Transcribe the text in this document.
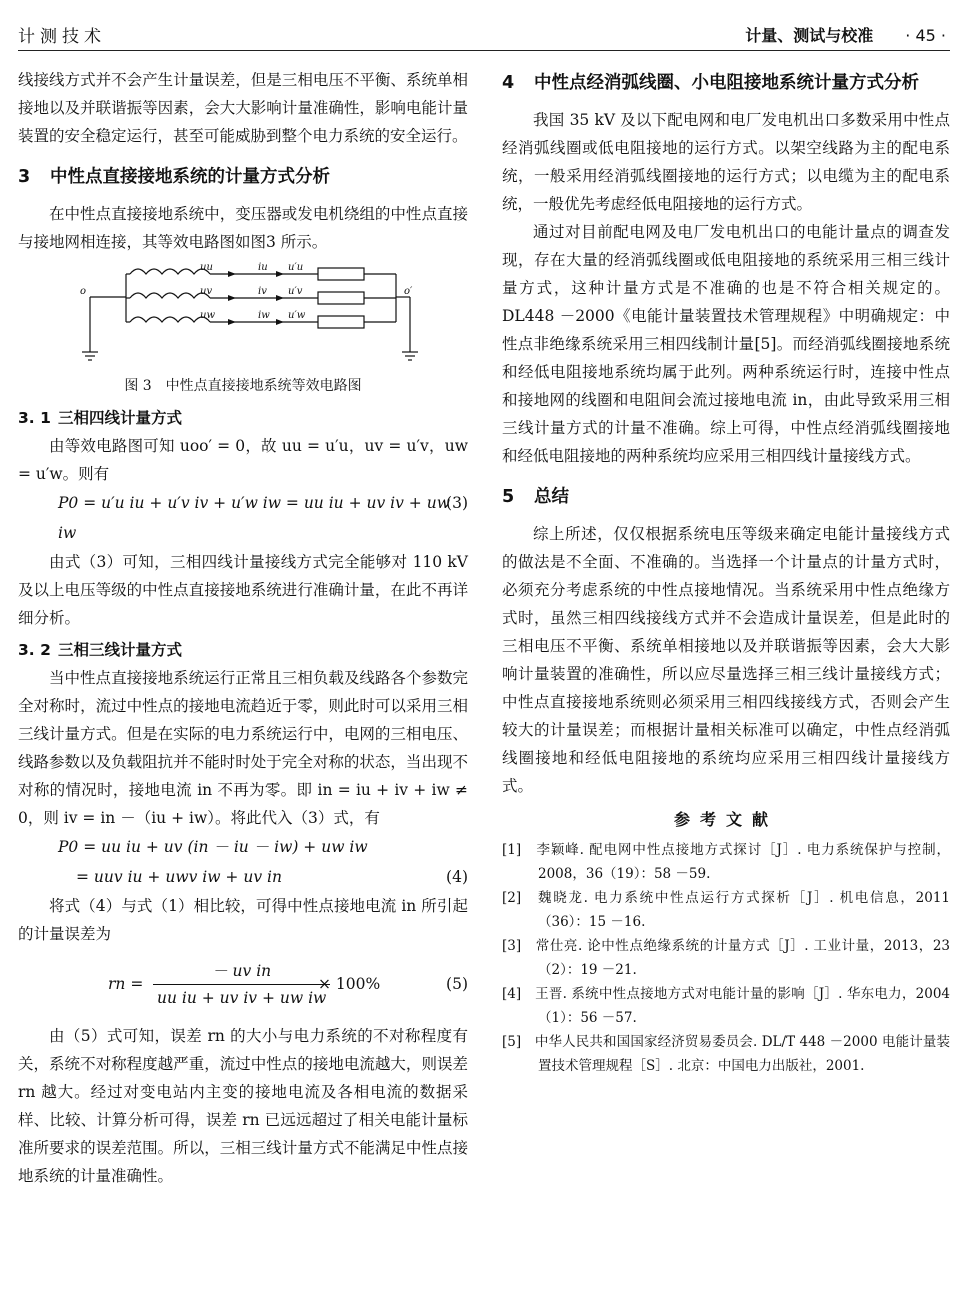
计测技术	计量、测试与校准 · 45 ·

线接线方式并不会产生计量误差，但是三相电压不平衡、系统单相接地以及并联谐振等因素，会大大影响计量准确性，影响电能计量装置的安全稳定运行，甚至可能威胁到整个电力系统的安全运行。

3 中性点直接接地系统的计量方式分析

在中性点直接接地系统中，变压器或发电机绕组的中性点直接与接地网相连接，其等效电路图如图3 所示。

uu
uv
uw
iu
iv
iw
u′u
u′v
u′w
o	o′
图 3　中性点直接接地系统等效电路图
3. 1 三相四线计量方式

由等效电路图可知 uoo′ = 0，故 uu = u′u，uv = u′v，uw = u′w。则有

P0 = u′u iu + u′v iv + u′w iw = uu iu + uv iv + uw iw
(3)

由式（3）可知，三相四线计量接线方式完全能够对 110 kV 及以上电压等级的中性点直接接地系统进行准确计量，在此不再详细分析。

3. 2 三相三线计量方式

当中性点直接接地系统运行正常且三相负载及线路各个参数完全对称时，流过中性点的接地电流趋近于零，则此时可以采用三相三线计量方式。但是在实际的电力系统运行中，电网的三相电压、线路参数以及负载阻抗并不能时时处于完全对称的状态，当出现不对称的情况时，接地电流 in 不再为零。即 in = iu + iv + iw ≠ 0，则 iv = in －（iu + iw）。将此代入（3）式，有

P0 = uu iu + uv (in － iu － iw) + uw iw
= uuv iu + uwv iw + uv in	(4)

将式（4）与式（1）相比较，可得中性点接地电流 in 所引起的计量误差为

rn = $\frac{\text{－ uv in}}{\text{uu iu + uv iv + uw iw}}$
× 100%	(5)

由（5）式可知，误差 rn 的大小与电力系统的不对称程度有关，系统不对称程度越严重，流过中性点的接地电流越大，则误差 rn 越大。经过对变电站内主变的接地电流及各相电流的数据采样、比较、计算分析可得，误差 rn 已远远超过了相关电能计量标准所要求的误差范围。所以，三相三线计量方式不能满足中性点接地系统的计量准确性。

4 中性点经消弧线圈、小电阻接地系统计量方式分析

我国 35 kV 及以下配电网和电厂发电机出口多数采用中性点经消弧线圈或低电阻接地的运行方式。以架空线路为主的配电系统，一般采用经消弧线圈接地的运行方式；以电缆为主的配电系统，一般优先考虑经低电阻接地的运行方式。

通过对目前配电网及电厂发电机出口的电能计量点的调查发现，存在大量的经消弧线圈或低电阻接地的系统采用三相三线计量方式，这种计量方式是不准确的也是不符合相关规定的。DL448 －2000《电能计量装置技术管理规程》中明确规定：中性点非绝缘系统采用三相四线制计量[5]。而经消弧线圈接地系统和经低电阻接地系统均属于此列。两种系统运行时，连接中性点和接地网的线圈和电阻间会流过接地电流 in，由此导致采用三相三线计量方式的计量不准确。综上可得，中性点经消弧线圈接地和经低电阻接地的两种系统均应采用三相四线计量接线方式。

5 总结

综上所述，仅仅根据系统电压等级来确定电能计量接线方式的做法是不全面、不准确的。当选择一个计量点的计量方式时，必须充分考虑系统的中性点接地情况。当系统采用中性点绝缘方式时，虽然三相四线接线方式并不会造成计量误差，但是此时的三相电压不平衡、系统单相接地以及并联谐振等因素，会大大影响计量装置的准确性，所以应尽量选择三相三线计量接线方式；中性点直接接地系统则必须采用三相四线接线方式，否则会产生较大的计量误差；而根据计量相关标准可以确定，中性点经消弧线圈接地和经低电阻接地的系统均应采用三相四线计量接线方式。

参考文献
[1]　李颖峰. 配电网中性点接地方式探讨［J］. 电力系统保护与控制，2008，36（19）：58 －59.
[2]　魏晓龙. 电力系统中性点运行方式探析［J］. 机电信息，2011（36）：15 －16.
[3]　常仕亮. 论中性点绝缘系统的计量方式［J］. 工业计量，2013，23（2）：19 －21.
[4]　王晋. 系统中性点接地方式对电能计量的影响［J］. 华东电力，2004（1）：56 －57.
[5]　中华人民共和国国家经济贸易委员会. DL/T 448 －2000 电能计量装置技术管理规程［S］. 北京：中国电力出版社，2001.
